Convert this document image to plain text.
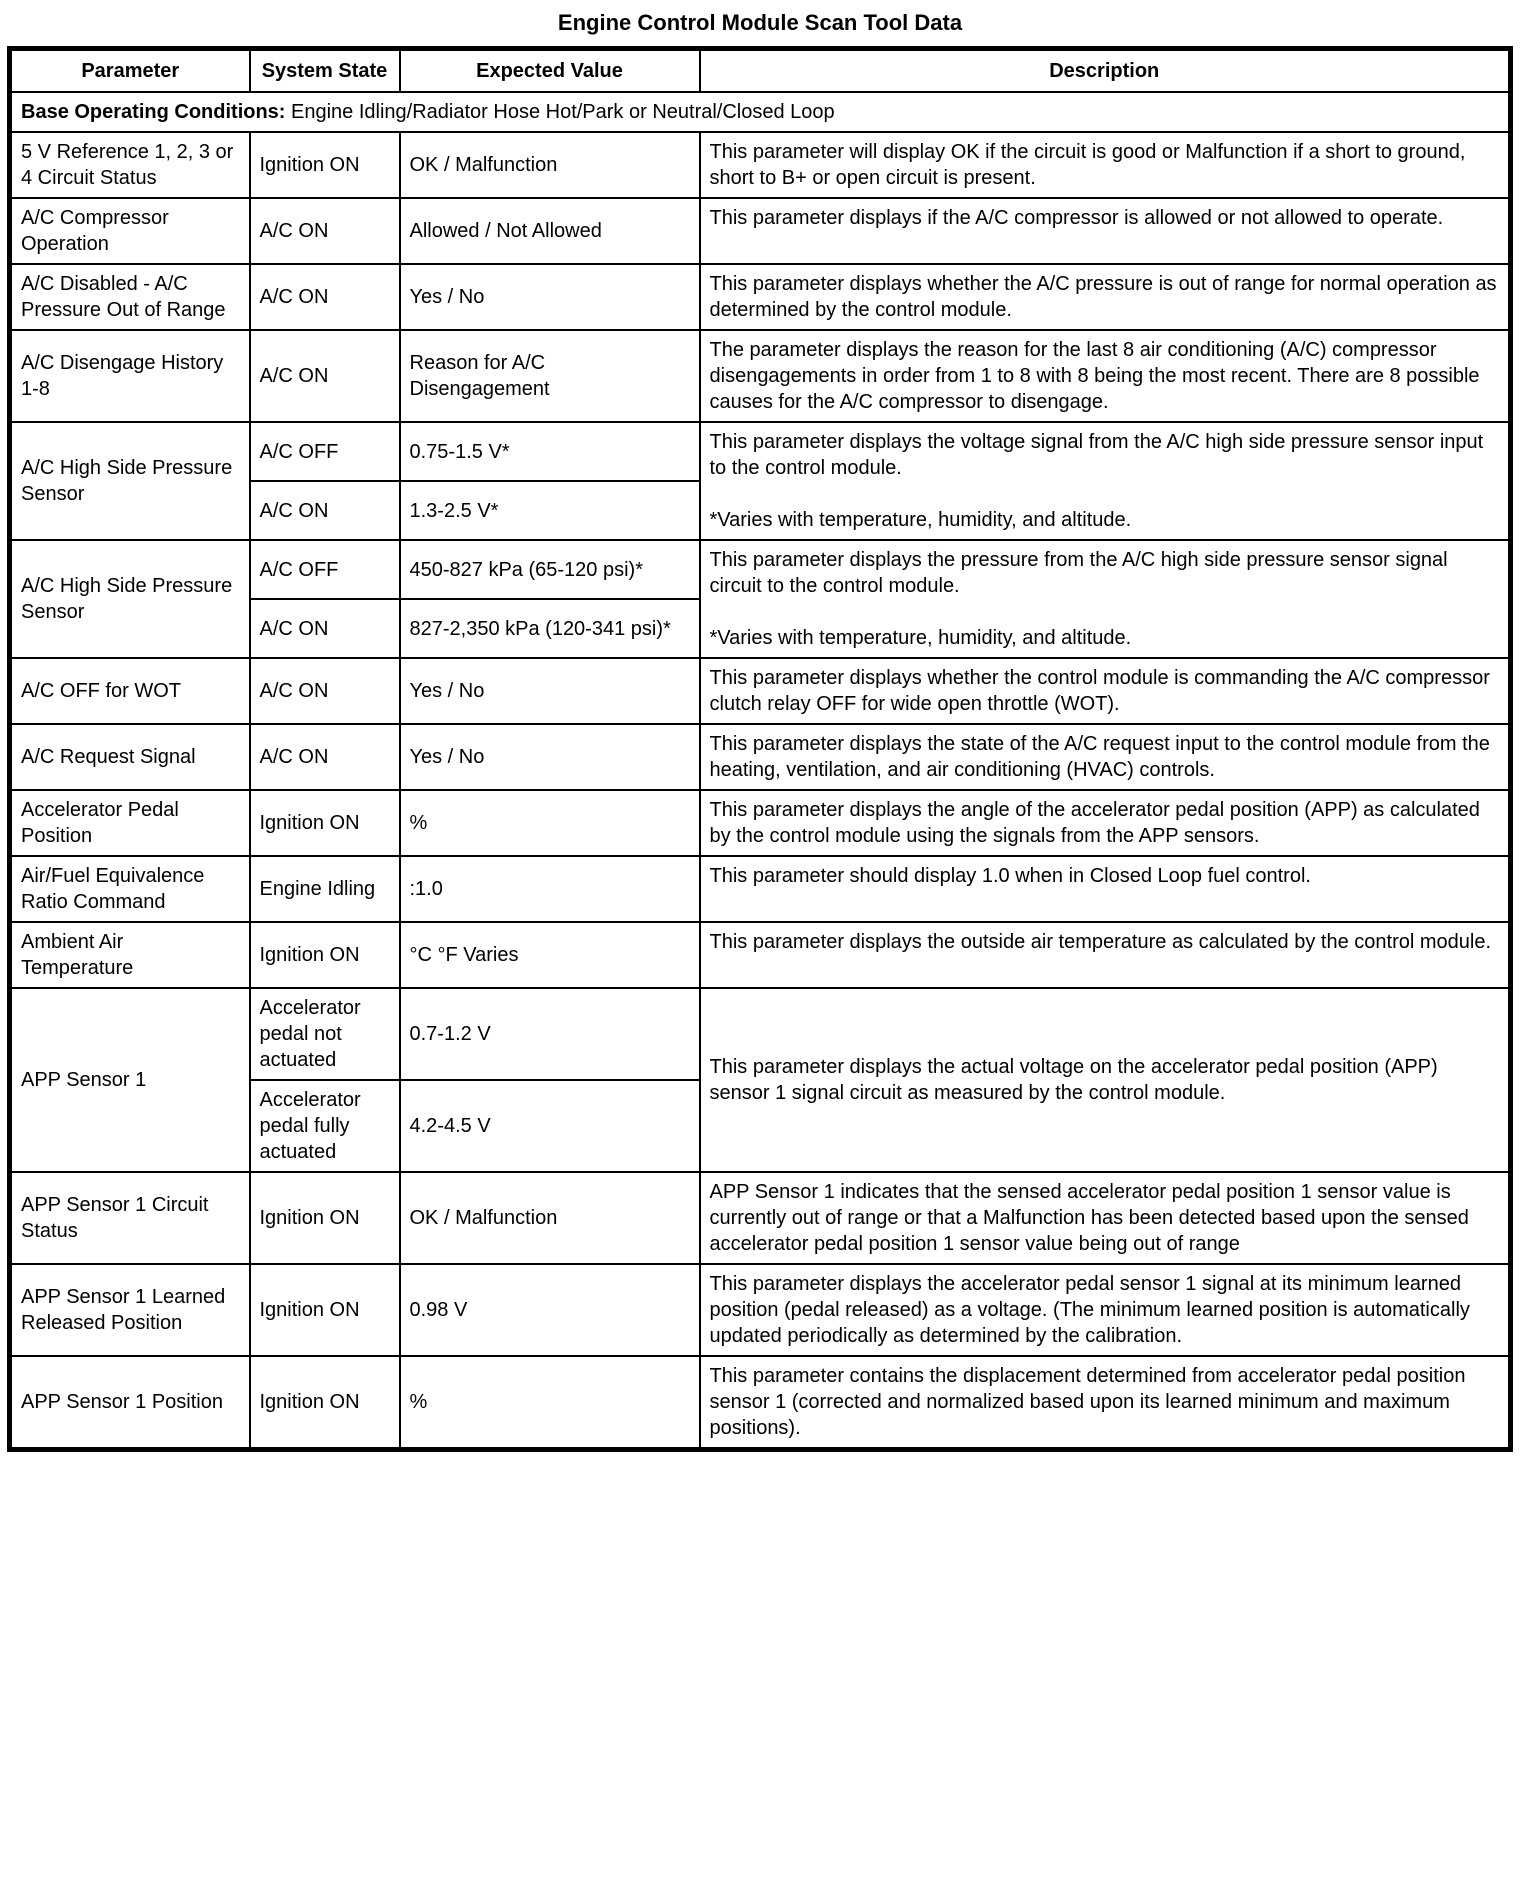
Engine Control Module Scan Tool Data
Parameter	System State	Expected Value	Description
Base Operating Conditions: Engine Idling/Radiator Hose Hot/Park or Neutral/Closed Loop			
5 V Reference 1, 2, 3 or 4 Circuit Status	Ignition ON	OK / Malfunction	This parameter will display OK if the circuit is good or Malfunction if a short to ground, short to B+ or open circuit is present.

A/C Compressor Operation	A/C ON	Allowed / Not Allowed	This parameter displays if the A/C compressor is allowed or not allowed to operate.

A/C Disabled - A/C Pressure Out of Range	A/C ON	Yes / No	This parameter displays whether the A/C pressure is out of range for normal operation as determined by the control module.

A/C Disengage History 1-8	A/C ON	Reason for A/C Disengagement	The parameter displays the reason for the last 8 air conditioning (A/C) compressor disengagements in order from 1 to 8 with 8 being the most recent. There are 8 possible causes for the A/C compressor to disengage.

A/C High Side Pressure Sensor	A/C OFF	0.75-1.5 V*	This parameter displays the voltage signal from the A/C high side pressure sensor input to the control module.
*Varies with temperature, humidity, and altitude.

	A/C ON	1.3-2.5 V*	
A/C High Side Pressure Sensor	A/C OFF	450-827 kPa (65-120 psi)*	This parameter displays the pressure from the A/C high side pressure sensor signal circuit to the control module.
*Varies with temperature, humidity, and altitude.

	A/C ON	827-2,350 kPa (120-341 psi)*	
A/C OFF for WOT	A/C ON	Yes / No	This parameter displays whether the control module is commanding the A/C compressor clutch relay OFF for wide open throttle (WOT).

A/C Request Signal	A/C ON	Yes / No	This parameter displays the state of the A/C request input to the control module from the heating, ventilation, and air conditioning (HVAC) controls.

Accelerator Pedal Position	Ignition ON	%	This parameter displays the angle of the accelerator pedal position (APP) as calculated by the control module using the signals from the APP sensors.

Air/Fuel Equivalence Ratio Command	Engine Idling	:1.0	This parameter should display 1.0 when in Closed Loop fuel control.

Ambient Air Temperature	Ignition ON	°C °F Varies	This parameter displays the outside air temperature as calculated by the control module.

APP Sensor 1	Accelerator pedal not actuated	0.7-1.2 V	This parameter displays the actual voltage on the accelerator pedal position (APP) sensor 1 signal circuit as measured by the control module.

	Accelerator pedal fully actuated	4.2-4.5 V	
APP Sensor 1 Circuit Status	Ignition ON	OK / Malfunction	APP Sensor 1 indicates that the sensed accelerator pedal position 1 sensor value is currently out of range or that a Malfunction has been detected based upon the sensed accelerator pedal position 1 sensor value being out of range

APP Sensor 1 Learned Released Position	Ignition ON	0.98 V	This parameter displays the accelerator pedal sensor 1 signal at its minimum learned position (pedal released) as a voltage. (The minimum learned position is automatically updated periodically as determined by the calibration.

APP Sensor 1 Position	Ignition ON	%	This parameter contains the displacement determined from accelerator pedal position sensor 1 (corrected and normalized based upon its learned minimum and maximum positions).
